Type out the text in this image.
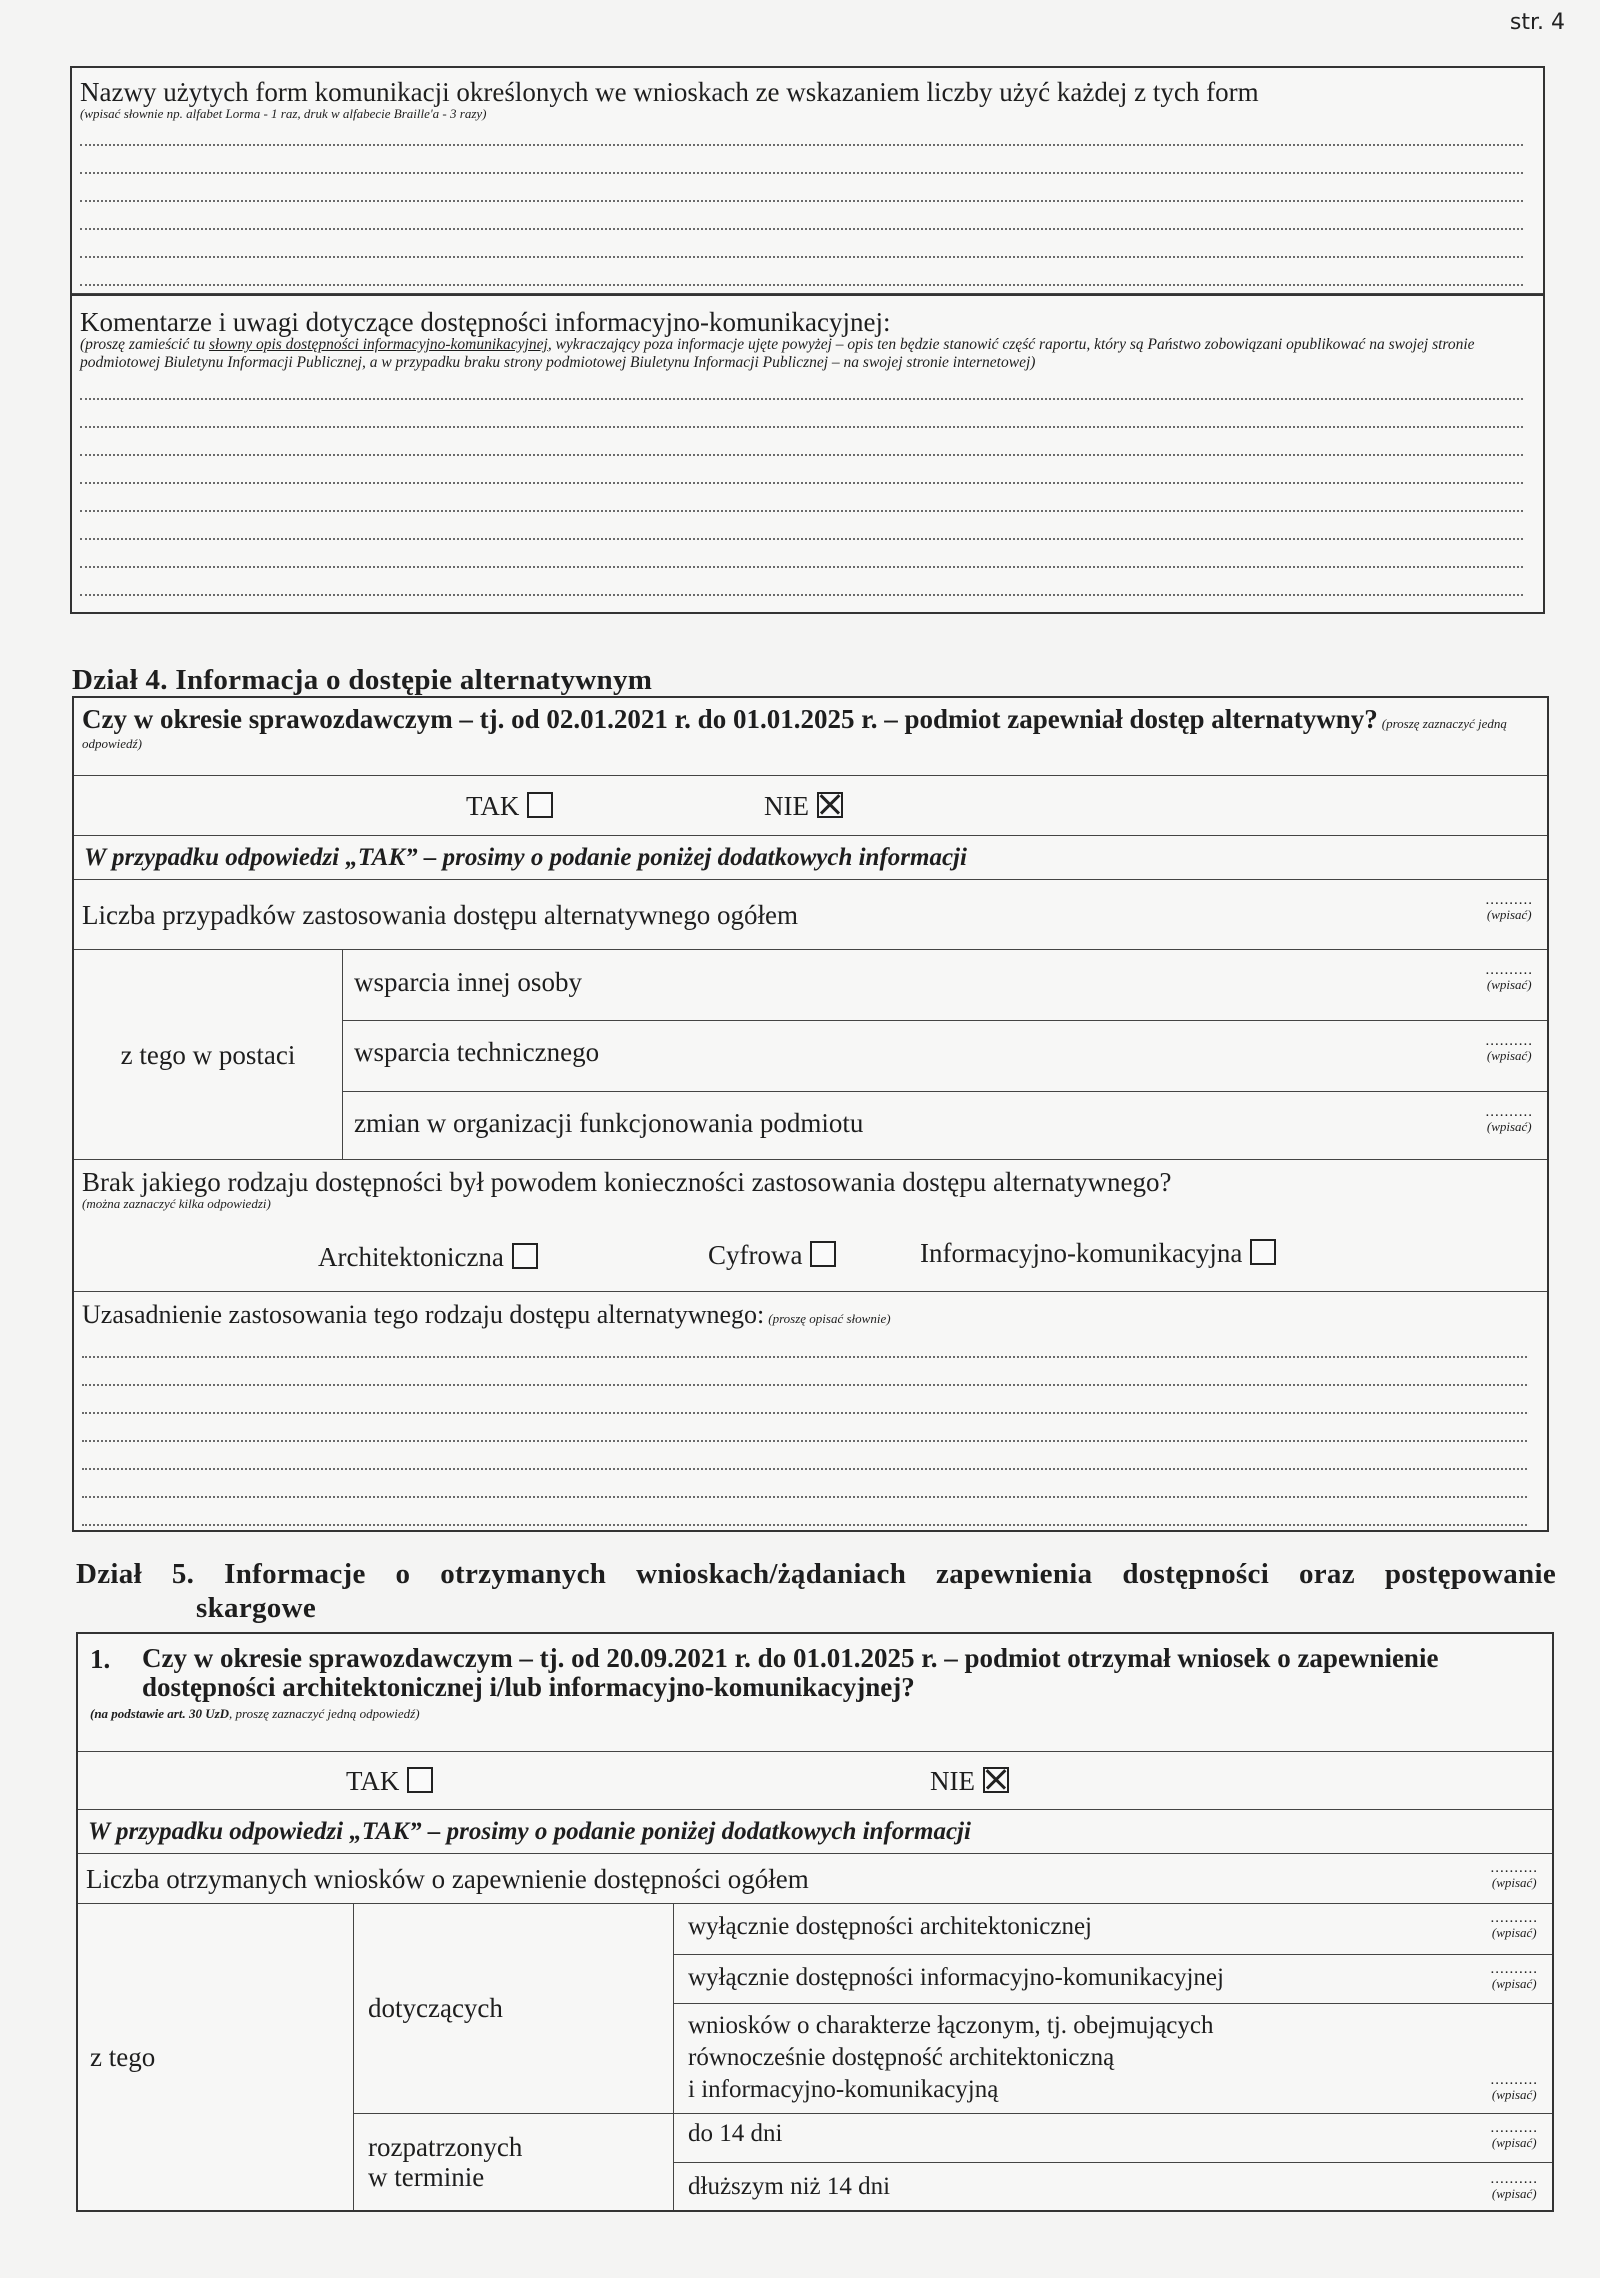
str. 4
Nazwy użytych form komunikacji określonych we wnioskach ze wskazaniem liczby użyć każdej z tych form
(wpisać słownie np. alfabet Lorma - 1 raz, druk w alfabecie Braille'a - 3 razy)
Komentarze i uwagi dotyczące dostępności informacyjno-komunikacyjnej:
(proszę zamieścić tu słowny opis dostępności informacyjno-komunikacyjnej, wykraczający poza informacje ujęte powyżej – opis ten będzie stanowić część raportu, który są Państwo zobowiązani opublikować na swojej stronie podmiotowej Biuletynu Informacji Publicznej, a w przypadku braku strony podmiotowej Biuletynu Informacji Publicznej – na swojej stronie internetowej)
Dział 4. Informacja o dostępie alternatywnym
Czy w okresie sprawozdawczym – tj. od 02.01.2021 r. do 01.01.2025 r. – podmiot zapewniał dostęp alternatywny? (proszę zaznaczyć jedną odpowiedź)
TAK	NIE
W przypadku odpowiedzi „TAK” – prosimy o podanie poniżej dodatkowych informacji
Liczba przypadków zastosowania dostępu alternatywnego ogółem	..........
(wpisać)
z tego w postaci
wsparcia innej osoby	..........
(wpisać)
wsparcia technicznego	..........
(wpisać)
zmian w organizacji funkcjonowania podmiotu	..........
(wpisać)
Brak jakiego rodzaju dostępności był powodem konieczności zastosowania dostępu alternatywnego?
(można zaznaczyć kilka odpowiedzi)
Architektoniczna	Cyfrowa	Informacyjno-komunikacyjna
Uzasadnienie zastosowania tego rodzaju dostępu alternatywnego: (proszę opisać słownie)
Dział 5. Informacje o otrzymanych wnioskach/żądaniach zapewnienia dostępności oraz postępowanie
skargowe
1.	Czy w okresie sprawozdawczym – tj. od 20.09.2021 r. do 01.01.2025 r. – podmiot otrzymał wniosek o zapewnienie dostępności architektonicznej i/lub informacyjno-komunikacyjnej?
(na podstawie art. 30 UzD, proszę zaznaczyć jedną odpowiedź)
TAK	NIE
W przypadku odpowiedzi „TAK” – prosimy o podanie poniżej dodatkowych informacji
Liczba otrzymanych wniosków o zapewnienie dostępności ogółem	..........
(wpisać)
z tego
dotyczących
wyłącznie dostępności architektonicznej	..........
(wpisać)
wyłącznie dostępności informacyjno-komunikacyjnej	..........
(wpisać)
wniosków o charakterze łączonym, tj. obejmujących
równocześnie dostępność architektoniczną
i informacyjno-komunikacyjną	..........
(wpisać)
rozpatrzonych
w terminie
do 14 dni	..........
(wpisać)
dłuższym niż 14 dni	..........
(wpisać)
